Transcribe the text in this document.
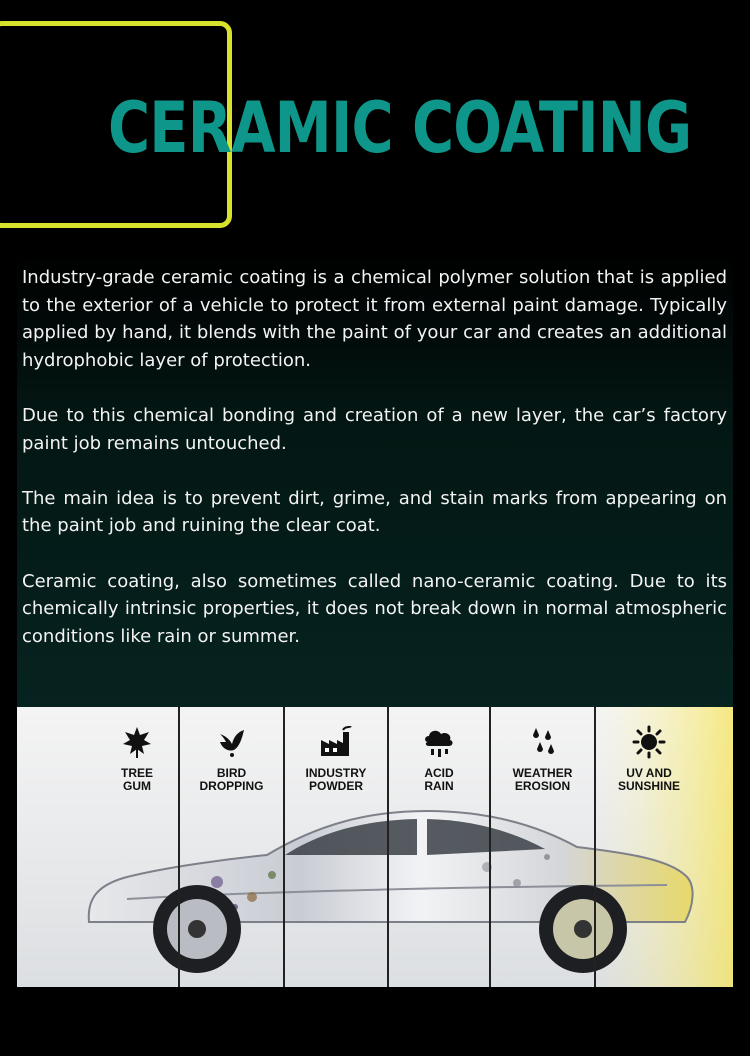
CERAMIC COATING

Industry-grade ceramic coating is a chemical polymer solution that is applied to the exterior of a vehicle to protect it from external paint damage. Typically applied by hand, it blends with the paint of your car and creates an additional hydrophobic layer of protection.

Due to this chemical bonding and creation of a new layer, the car’s factory paint job remains untouched.

The main idea is to prevent dirt, grime, and stain marks from appearing on the paint job and ruining the clear coat.

Ceramic coating, also sometimes called nano-ceramic coating. Due to its chemically intrinsic properties, it does not break down in normal atmospheric conditions like rain or summer.

TREE
GUM
BIRD
DROPPING
INDUSTRY
POWDER
ACID
RAIN
WEATHER
EROSION
UV AND
SUNSHINE
